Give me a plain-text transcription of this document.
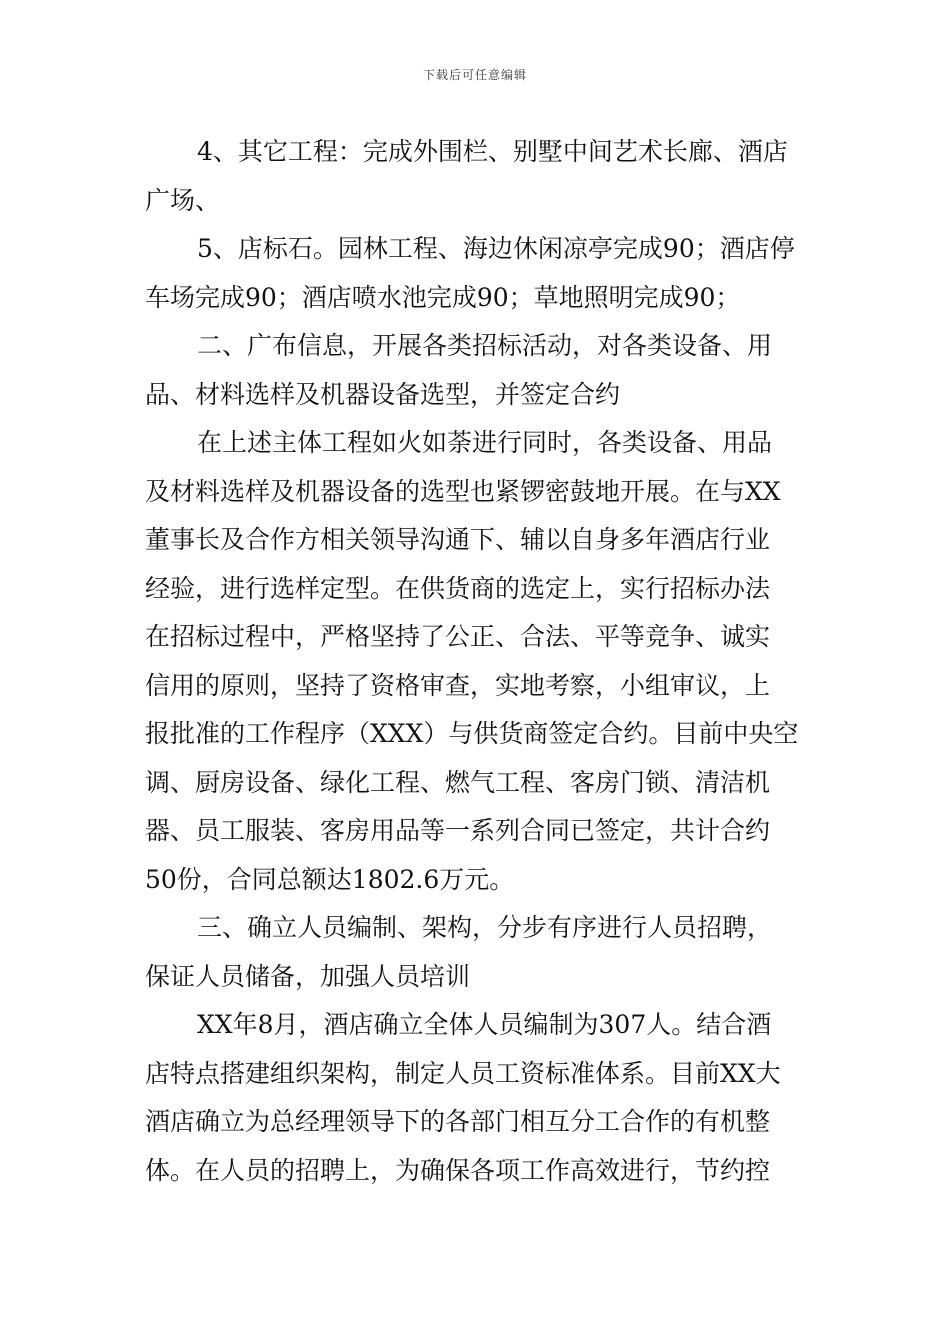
下载后可任意编辑
4、其它工程：完成外围栏、别墅中间艺术长廊、酒店
广场、
5、店标石。园林工程、海边休闲凉亭完成90；酒店停
车场完成90；酒店喷水池完成90；草地照明完成90；
二、广布信息，开展各类招标活动，对各类设备、用
品、材料选样及机器设备选型，并签定合约
在上述主体工程如火如荼进行同时，各类设备、用品
及材料选样及机器设备的选型也紧锣密鼓地开展。在与XX
董事长及合作方相关领导沟通下、辅以自身多年酒店行业
经验，进行选样定型。在供货商的选定上，实行招标办法
在招标过程中，严格坚持了公正、合法、平等竞争、诚实
信用的原则，坚持了资格审查，实地考察，小组审议，上
报批准的工作程序（XXX）与供货商签定合约。目前中央空
调、厨房设备、绿化工程、燃气工程、客房门锁、清洁机
器、员工服装、客房用品等一系列合同已签定，共计合约
50份，合同总额达1802.6万元。
三、确立人员编制、架构，分步有序进行人员招聘，
保证人员储备，加强人员培训
XX年8月，酒店确立全体人员编制为307人。结合酒
店特点搭建组织架构，制定人员工资标准体系。目前XX大
酒店确立为总经理领导下的各部门相互分工合作的有机整
体。在人员的招聘上，为确保各项工作高效进行，节约控
